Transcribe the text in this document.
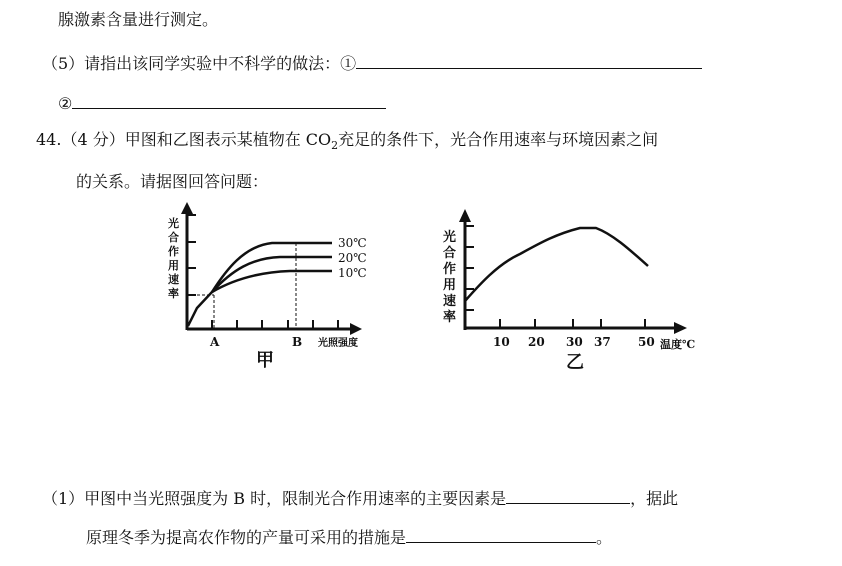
腺激素含量进行测定。
（5）请指出该同学实验中不科学的做法：①
②
44.（4 分）甲图和乙图表示某植物在 $CO_2$充足的条件下，光合作用速率与环境因素之间
的关系。请据图回答问题：
（1）甲图中当光照强度为 B 时，限制光合作用速率的主要因素是	，据此
原理冬季为提高农作物的产量可采用的措施是	。
光
合
作
用
速
率
30℃
20℃
10℃
A	B 光照强度
甲
光
合
作
用
速
率
10 20 30 37 50 温度℃
乙
